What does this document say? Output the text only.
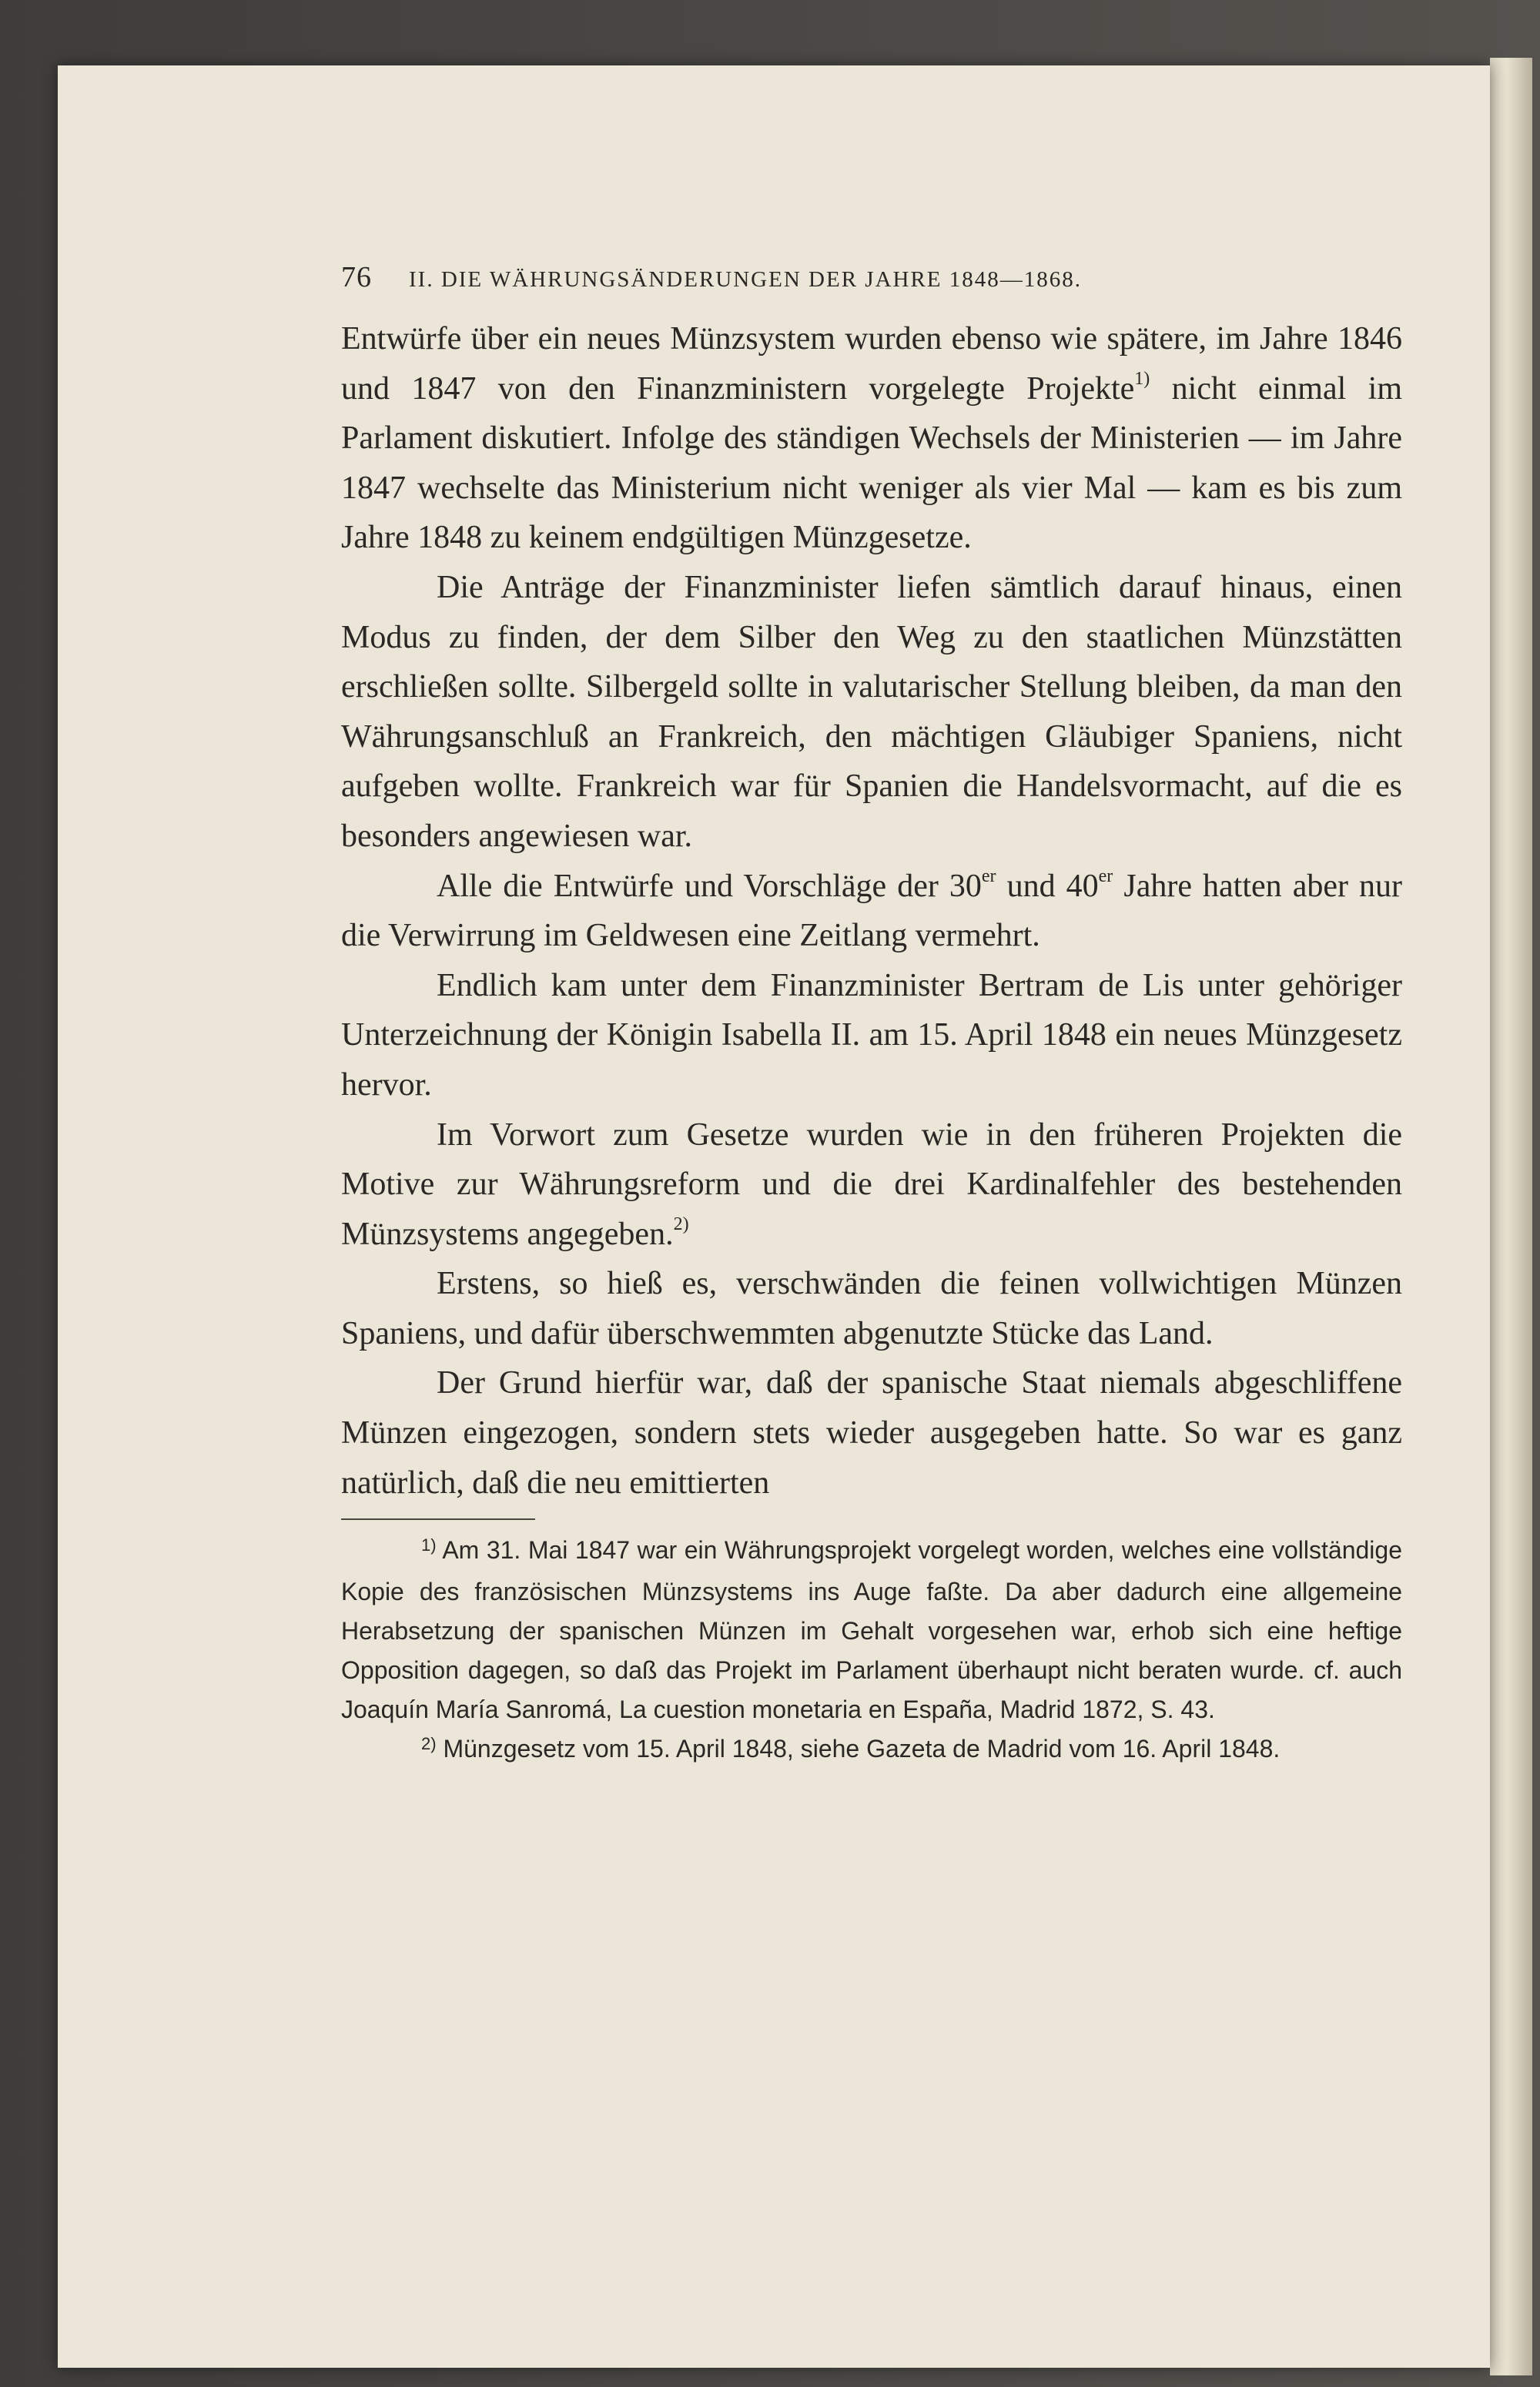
76	II. DIE WÄHRUNGSÄNDERUNGEN DER JAHRE 1848—1868.

Entwürfe über ein neues Münzsystem wurden ebenso wie spätere, im Jahre 1846 und 1847 von den Finanzministern vorgelegte Projekte$^{1)}$ nicht einmal im Parlament diskutiert. Infolge des ständigen Wechsels der Ministerien — im Jahre 1847 wechselte das Ministerium nicht weniger als vier Mal — kam es bis zum Jahre 1848 zu keinem endgültigen Münzgesetze.

Die Anträge der Finanzminister liefen sämtlich darauf hinaus, einen Modus zu finden, der dem Silber den Weg zu den staatlichen Münzstätten erschließen sollte. Silbergeld sollte in valutarischer Stellung bleiben, da man den Währungsanschluß an Frankreich, den mächtigen Gläubiger Spaniens, nicht aufgeben wollte. Frankreich war für Spanien die Handelsvormacht, auf die es besonders angewiesen war.

Alle die Entwürfe und Vorschläge der 30er und 40er Jahre hatten aber nur die Verwirrung im Geldwesen eine Zeitlang vermehrt.

Endlich kam unter dem Finanzminister Bertram de Lis unter gehöriger Unterzeichnung der Königin Isabella II. am 15. April 1848 ein neues Münzgesetz hervor.

Im Vorwort zum Gesetze wurden wie in den früheren Projekten die Motive zur Währungsreform und die drei Kardinalfehler des bestehenden Münzsystems angegeben.$^{2)}$

Erstens, so hieß es, verschwänden die feinen vollwichtigen Münzen Spaniens, und dafür überschwemmten abgenutzte Stücke das Land.

Der Grund hierfür war, daß der spanische Staat niemals abgeschliffene Münzen eingezogen, sondern stets wieder ausgegeben hatte. So war es ganz natürlich, daß die neu emittierten

$^{1)}$ Am 31. Mai 1847 war ein Währungsprojekt vorgelegt worden, welches eine vollständige Kopie des französischen Münzsystems ins Auge faßte. Da aber dadurch eine allgemeine Herabsetzung der spanischen Münzen im Gehalt vorgesehen war, erhob sich eine heftige Opposition dagegen, so daß das Projekt im Parlament überhaupt nicht beraten wurde. cf. auch Joaquín María Sanromá, La cuestion monetaria en España, Madrid 1872, S. 43.

$^{2)}$ Münzgesetz vom 15. April 1848, siehe Gazeta de Madrid vom 16. April 1848.
